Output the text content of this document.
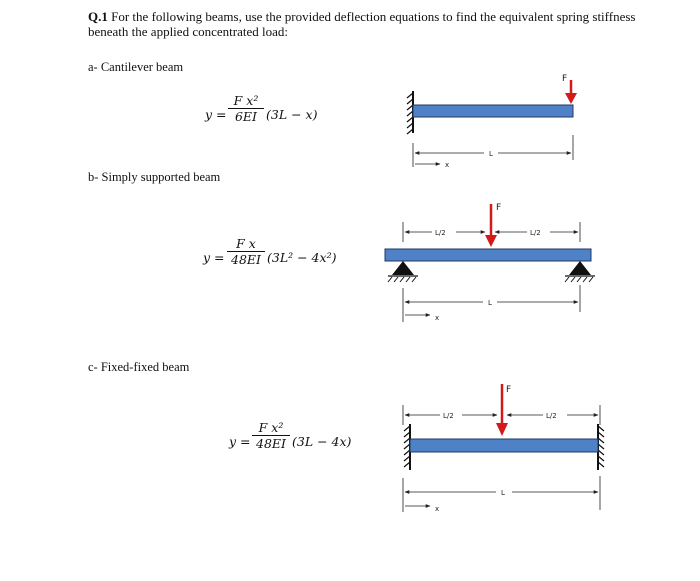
Q.1 For the following beams, use the provided deflection equations to find the equivalent spring stiffness beneath the applied concentrated load:
a- Cantilever beam
$y = \frac{\text{F x²}}{6EI} (3L - x)$
b- Simply supported beam
$y = \frac{\text{F x}}{48EI} (3L^2 - 4x^2)$
c- Fixed-fixed beam
$y = \frac{\text{F x²}}{48EI} (3L - 4x)$
F
L
x
L/2	L/2
F
L
x
L/2	L/2
F
L
x
